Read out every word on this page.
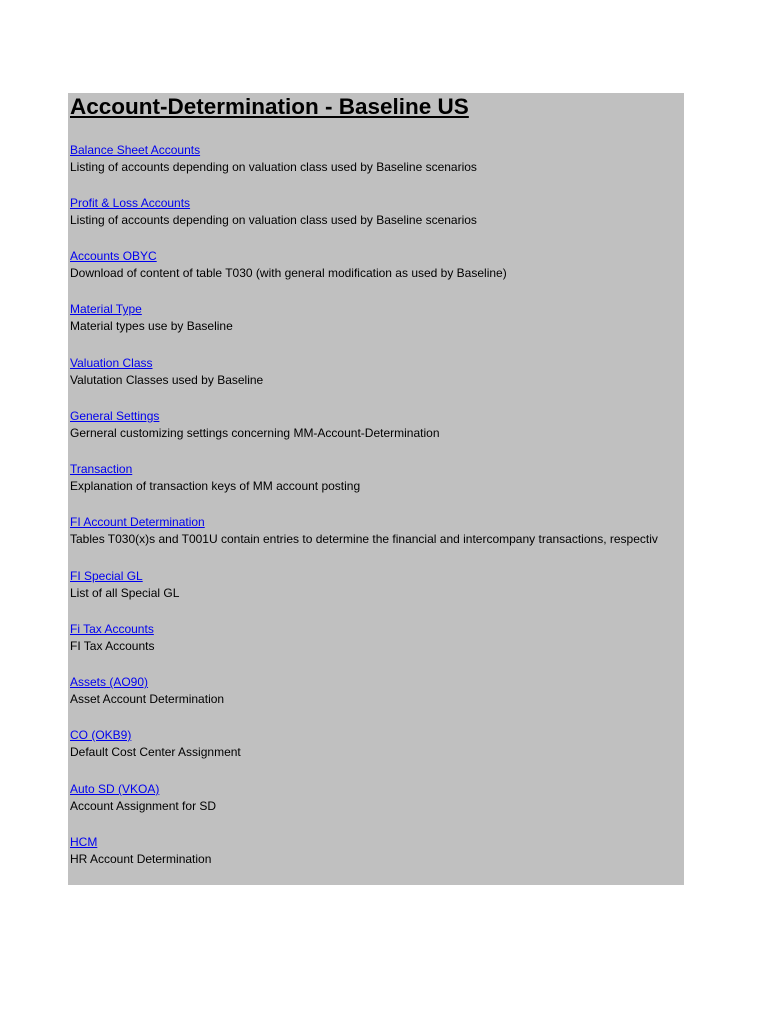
Account-Determination - Baseline US
Balance Sheet Accounts
Listing of accounts depending on valuation class used by Baseline scenarios
Profit & Loss Accounts
Listing of accounts depending on valuation class used by Baseline scenarios
Accounts OBYC
Download of content of table T030 (with general modification as used by Baseline)
Material Type
Material types use by Baseline
Valuation Class
Valutation Classes used by Baseline
General Settings
Gerneral customizing settings concerning MM-Account-Determination
Transaction
Explanation of transaction keys of MM account posting
FI Account Determination
Tables T030(x)s and T001U contain entries to determine the financial and intercompany transactions, respectiv
FI Special GL
List of all Special GL
Fi Tax Accounts
FI Tax Accounts
Assets (AO90)
Asset Account Determination
CO (OKB9)
Default Cost Center Assignment
Auto SD (VKOA)
Account Assignment for SD
HCM
HR Account Determination
